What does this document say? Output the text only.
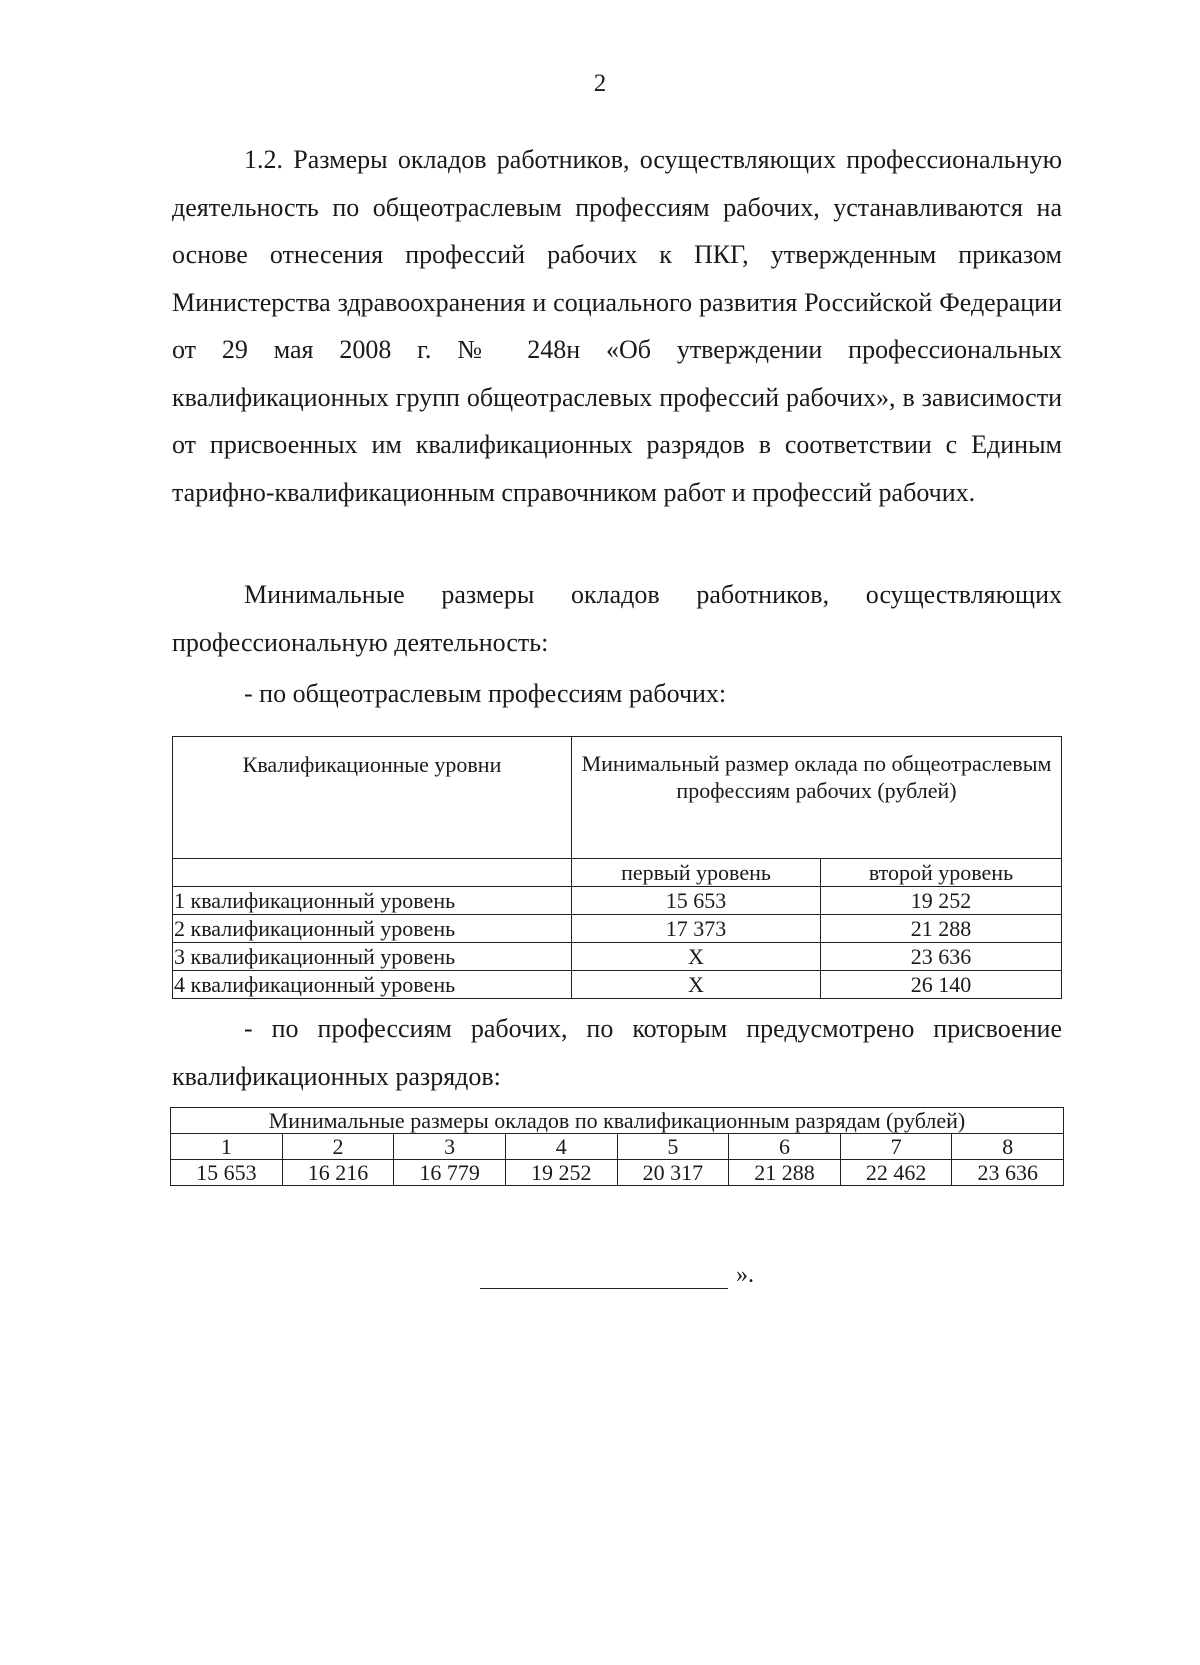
2

1.2. Размеры окладов работников, осуществляющих профессиональную деятельность по общеотраслевым профессиям рабочих, устанавливаются на основе отнесения профессий рабочих к ПКГ, утвержденным приказом Министерства здравоохранения и социального развития Российской Федерации от 29 мая 2008 г. № 248н «Об утверждении профессиональных квалификационных групп общеотраслевых профессий рабочих», в зависимости от присвоенных им квалификационных разрядов в соответствии с Единым тарифно-квалификационным справочником работ и профессий рабочих.

Минимальные размеры окладов работников, осуществляющих профессиональную деятельность:

- по общеотраслевым профессиям рабочих:

Квалификационные уровни	Минимальный размер оклада по общеотраслевым профессиям рабочих (рублей)	
	первый уровень	второй уровень
1 квалификационный уровень	15 653	19 252
2 квалификационный уровень	17 373	21 288
3 квалификационный уровень	X	23 636
4 квалификационный уровень	X	26 140

- по профессиям рабочих, по которым предусмотрено присвоение квалификационных разрядов:

Минимальные размеры окладов по квалификационным разрядам (рублей)							
1	2	3	4	5	6	7	8
15 653	16 216	16 779	19 252	20 317	21 288	22 462	23 636
».
